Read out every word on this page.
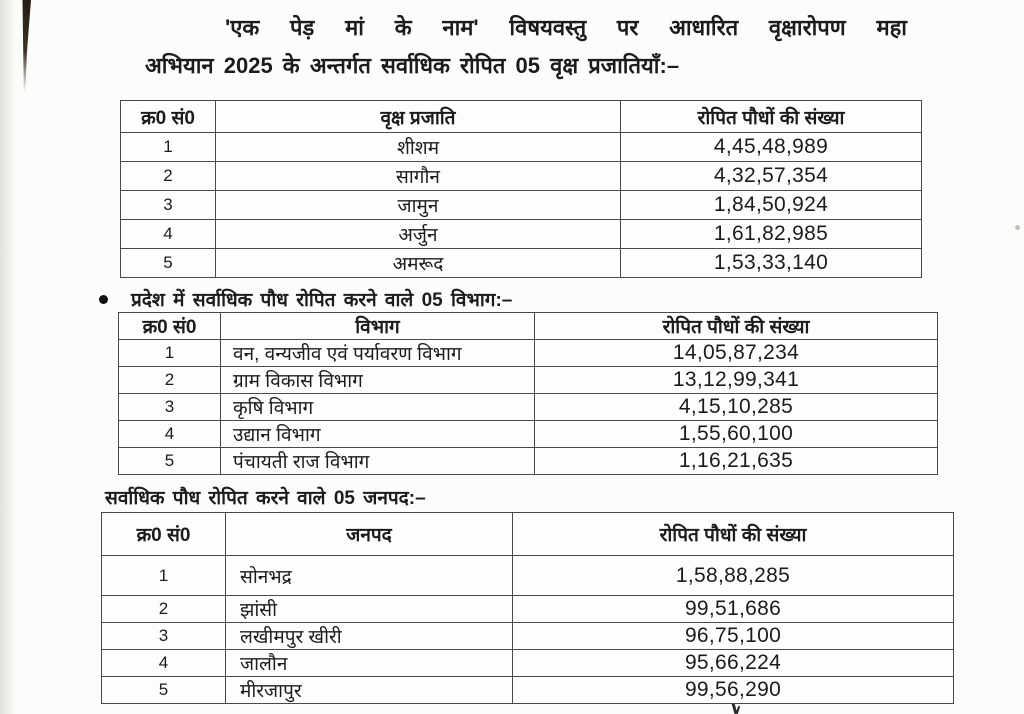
'एक पेड़ मां के नाम' विषयवस्तु पर आधारित वृक्षारोपण महा
अभियान 2025 के अन्तर्गत सर्वाधिक रोपित 05 वृक्ष प्रजातियाँ:–
क्र0 सं0	वृक्ष प्रजाति	रोपित पौधों की संख्या
1	शीशम	4,45,48,989
2	सागौन	4,32,57,354
3	जामुन	1,84,50,924
4	अर्जुन	1,61,82,985
5	अमरूद	1,53,33,140
प्रदेश में सर्वाधिक पौध रोपित करने वाले 05 विभाग:–
क्र0 सं0	विभाग	रोपित पौधों की संख्या
1	वन, वन्यजीव एवं पर्यावरण विभाग	14,05,87,234
2	ग्राम विकास विभाग	13,12,99,341
3	कृषि विभाग	4,15,10,285
4	उद्यान विभाग	1,55,60,100
5	पंचायती राज विभाग	1,16,21,635
सर्वाधिक पौध रोपित करने वाले 05 जनपद:–
क्र0 सं0	जनपद	रोपित पौधों की संख्या
1	सोनभद्र	1,58,88,285
2	झांसी	99,51,686
3	लखीमपुर खीरी	96,75,100
4	जालौन	95,66,224
5	मीरजापुर	99,56,290
